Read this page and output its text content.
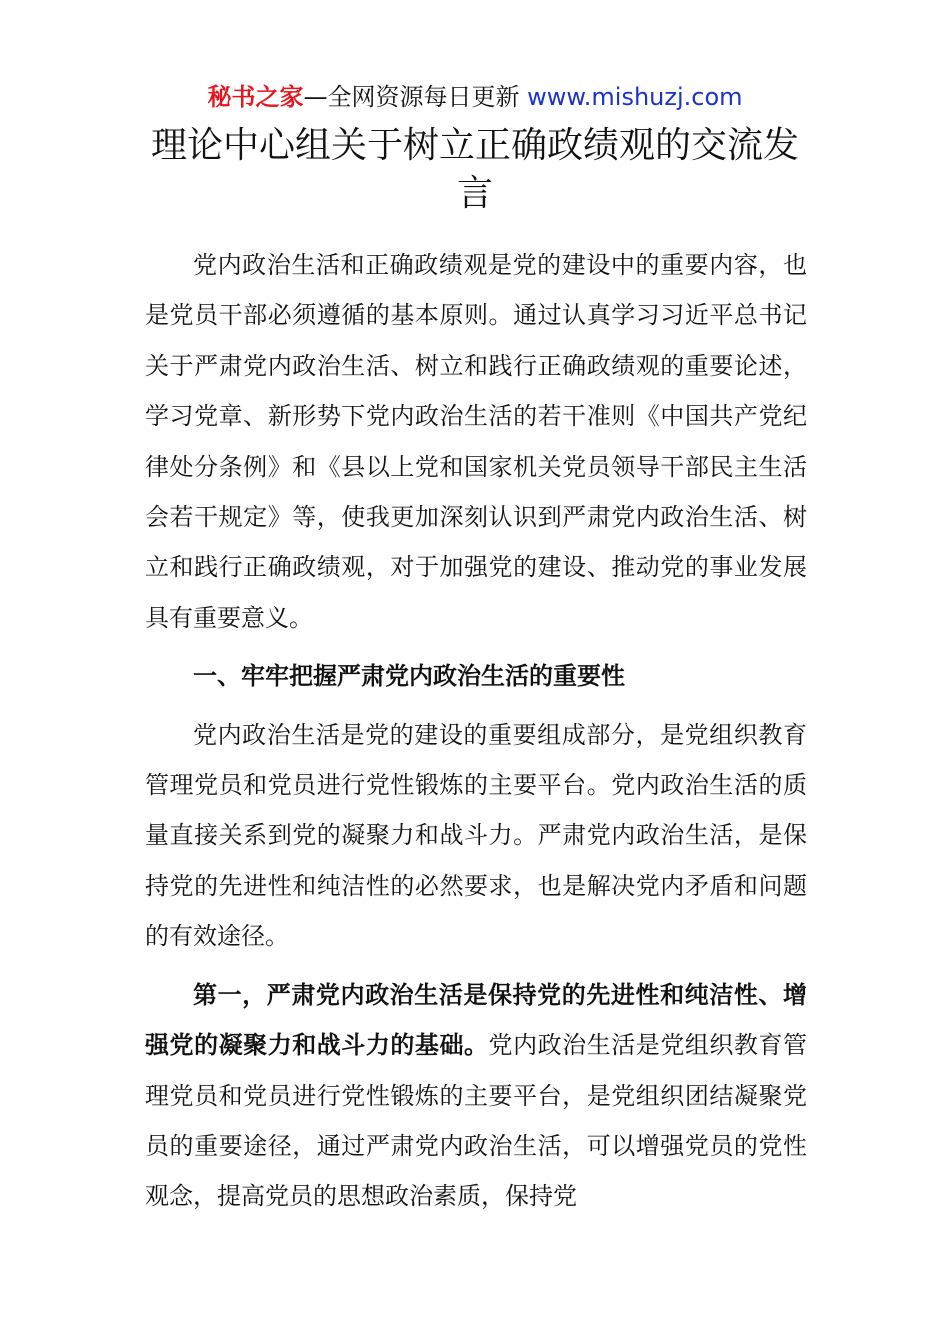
秘书之家—全网资源每日更新 www.mishuzj.com
理论中心组关于树立正确政绩观的交流发言

党内政治生活和正确政绩观是党的建设中的重要内容，也是党员干部必须遵循的基本原则。通过认真学习习近平总书记关于严肃党内政治生活、树立和践行正确政绩观的重要论述，学习党章、新形势下党内政治生活的若干准则《中国共产党纪律处分条例》和《县以上党和国家机关党员领导干部民主生活会若干规定》等，使我更加深刻认识到严肃党内政治生活、树立和践行正确政绩观，对于加强党的建设、推动党的事业发展具有重要意义。

一、牢牢把握严肃党内政治生活的重要性

党内政治生活是党的建设的重要组成部分，是党组织教育管理党员和党员进行党性锻炼的主要平台。党内政治生活的质量直接关系到党的凝聚力和战斗力。严肃党内政治生活，是保持党的先进性和纯洁性的必然要求，也是解决党内矛盾和问题的有效途径。

第一，严肃党内政治生活是保持党的先进性和纯洁性、增强党的凝聚力和战斗力的基础。党内政治生活是党组织教育管理党员和党员进行党性锻炼的主要平台，是党组织团结凝聚党员的重要途径，通过严肃党内政治生活，可以增强党员的党性观念，提高党员的思想政治素质，保持党
